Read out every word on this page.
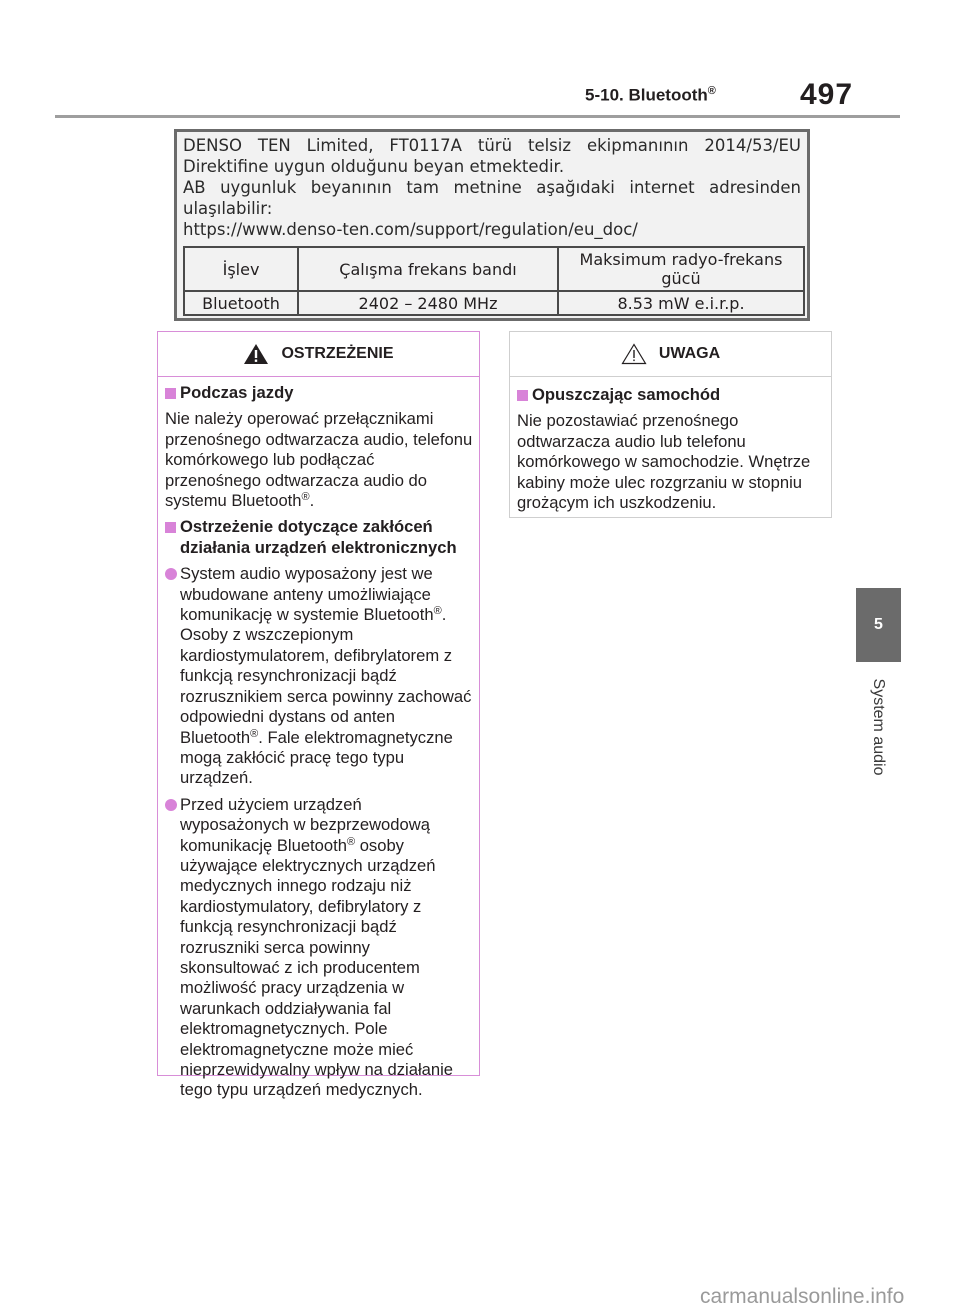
5-10. Bluetooth®	497
DENSO TEN Limited, FT0117A türü telsiz ekipmanının 2014/53/EU
Direktifine uygun olduğunu beyan etmektedir.
AB uygunluk beyanının tam metnine aşağıdaki internet adresinden
ulaşılabilir:
https://www.denso-ten.com/support/regulation/eu_doc/
İşlev	Çalışma frekans bandı	Maksimum radyo-frekans gücü
Bluetooth	2402 – 2480 MHz	8.53 mW e.i.r.p.
OSTRZEŻENIE
Podczas jazdy
Nie należy operować przełącznikami przenośnego odtwarzacza audio, telefonu komórkowego lub podłączać przenośnego odtwarzacza audio do systemu Bluetooth®.
Ostrzeżenie dotyczące zakłóceń działania urządzeń elektronicznych
System audio wyposażony jest we wbudowane anteny umożliwiające komunikację w systemie Bluetooth®. Osoby z wszczepionym kardiostymulatorem, defibrylatorem z funkcją resynchronizacji bądź rozrusznikiem serca powinny zachować odpowiedni dystans od anten Bluetooth®. Fale elektromagnetyczne mogą zakłócić pracę tego typu urządzeń.
Przed użyciem urządzeń wyposażonych w bezprzewodową komunikację Bluetooth® osoby używające elektrycznych urządzeń medycznych innego rodzaju niż kardiostymulatory, defibrylatory z funkcją resynchronizacji bądź rozruszniki serca powinny skonsultować z ich producentem możliwość pracy urządzenia w warunkach oddziaływania fal elektromagnetycznych. Pole elektromagnetyczne może mieć nieprzewidywalny wpływ na działanie tego typu urządzeń medycznych.
UWAGA
Opuszczając samochód
Nie pozostawiać przenośnego odtwarzacza audio lub telefonu komórkowego w samochodzie. Wnętrze kabiny może ulec rozgrzaniu w stopniu grożącym ich uszkodzeniu.
5
System audio
carmanualsonline.info
